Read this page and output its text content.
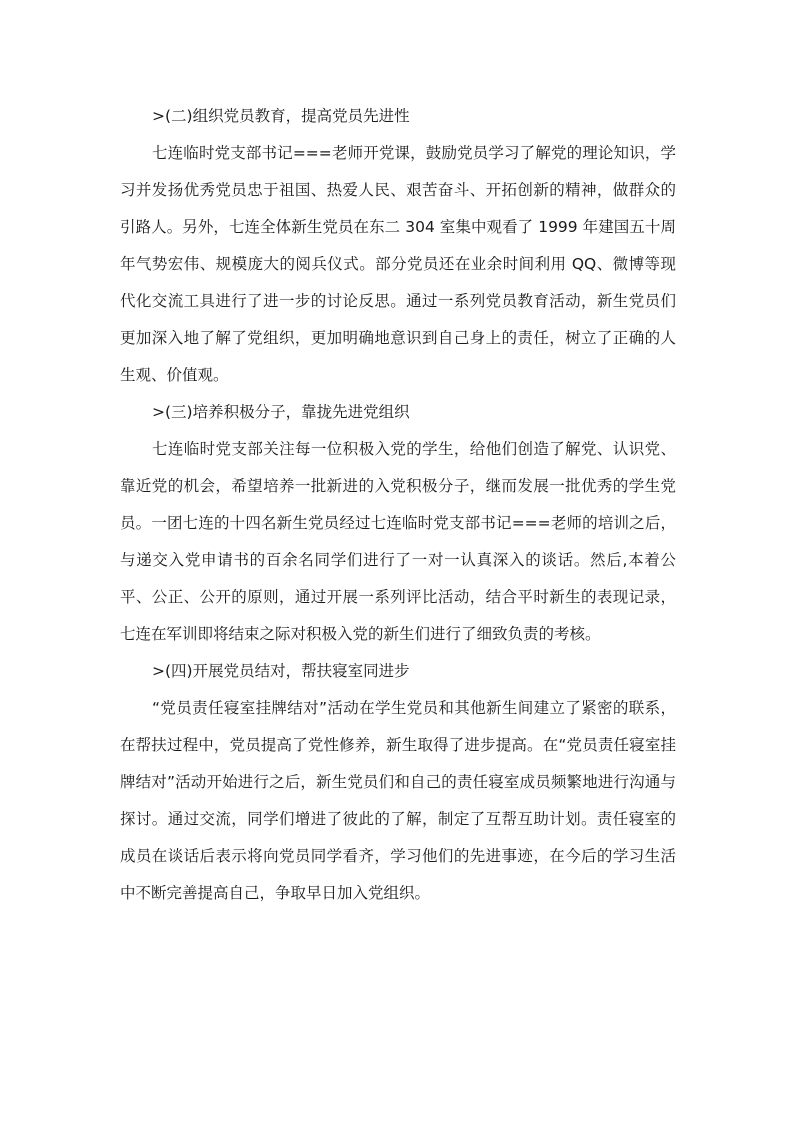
>(二)组织党员教育，提高党员先进性

七连临时党支部书记===老师开党课，鼓励党员学习了解党的理论知识，学习并发扬优秀党员忠于祖国、热爱人民、艰苦奋斗、开拓创新的精神，做群众的引路人。另外，七连全体新生党员在东二 304 室集中观看了 1999 年建国五十周年气势宏伟、规模庞大的阅兵仪式。部分党员还在业余时间利用 QQ、微博等现代化交流工具进行了进一步的讨论反思。通过一系列党员教育活动，新生党员们更加深入地了解了党组织，更加明确地意识到自己身上的责任，树立了正确的人生观、价值观。

>(三)培养积极分子，靠拢先进党组织

七连临时党支部关注每一位积极入党的学生，给他们创造了解党、认识党、靠近党的机会，希望培养一批新进的入党积极分子，继而发展一批优秀的学生党员。一团七连的十四名新生党员经过七连临时党支部书记===老师的培训之后，与递交入党申请书的百余名同学们进行了一对一认真深入的谈话。然后,本着公平、公正、公开的原则，通过开展一系列评比活动，结合平时新生的表现记录，七连在军训即将结束之际对积极入党的新生们进行了细致负责的考核。

>(四)开展党员结对，帮扶寝室同进步

“党员责任寝室挂牌结对”活动在学生党员和其他新生间建立了紧密的联系，在帮扶过程中，党员提高了党性修养，新生取得了进步提高。在“党员责任寝室挂牌结对”活动开始进行之后，新生党员们和自己的责任寝室成员频繁地进行沟通与探讨。通过交流，同学们增进了彼此的了解，制定了互帮互助计划。责任寝室的成员在谈话后表示将向党员同学看齐，学习他们的先进事迹，在今后的学习生活中不断完善提高自己，争取早日加入党组织。
